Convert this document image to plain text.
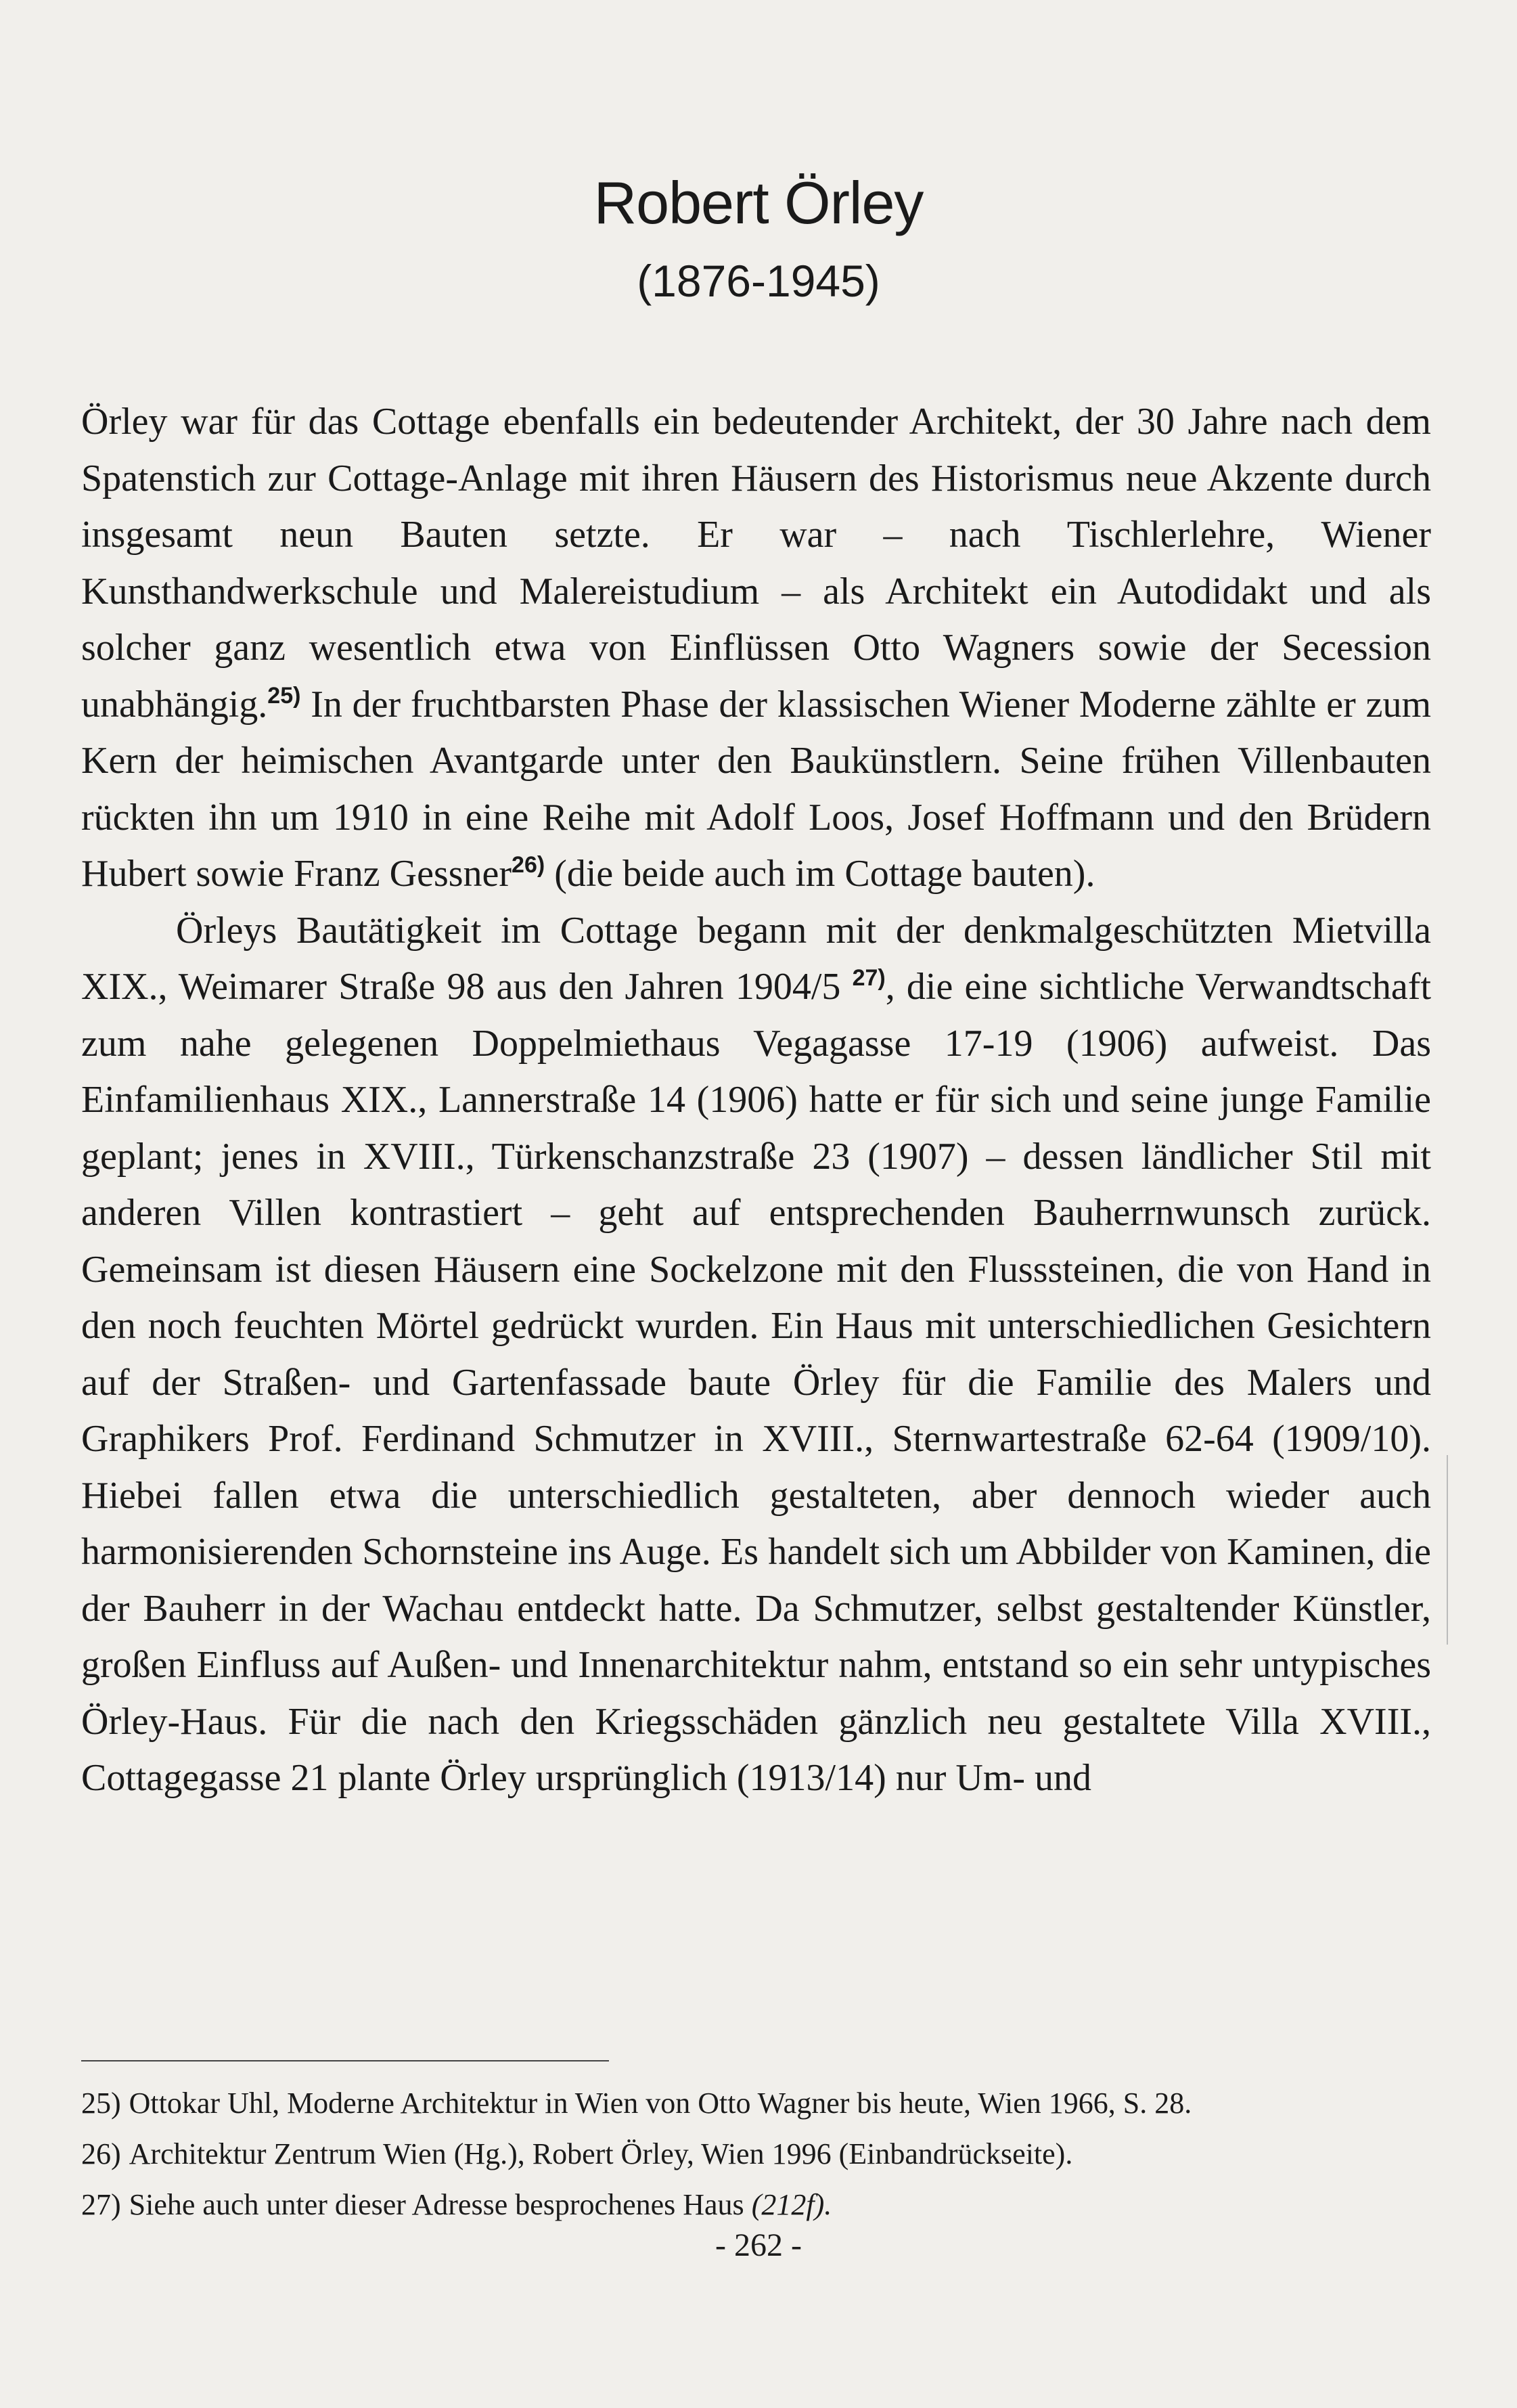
Robert Örley
(1876-1945)

Örley war für das Cottage ebenfalls ein bedeutender Architekt, der 30 Jahre nach dem Spatenstich zur Cottage-Anlage mit ihren Häusern des Historismus neue Akzente durch insgesamt neun Bauten setzte. Er war – nach Tischlerlehre, Wiener Kunsthandwerkschule und Malereistudium – als Architekt ein Autodidakt und als solcher ganz wesentlich etwa von Einflüssen Otto Wagners sowie der Secession unabhängig.$^{25)}$ In der fruchtbarsten Phase der klassischen Wiener Moderne zählte er zum Kern der heimischen Avantgarde unter den Baukünstlern. Seine frühen Villenbauten rückten ihn um 1910 in eine Reihe mit Adolf Loos, Josef Hoffmann und den Brüdern Hubert sowie Franz Gessner$^{26)}$ (die beide auch im Cottage bauten).

Örleys Bautätigkeit im Cottage begann mit der denkmalgeschützten Mietvilla XIX., Weimarer Straße 98 aus den Jahren 1904/5 $^{27)}$, die eine sichtliche Verwandtschaft zum nahe gelegenen Doppelmiethaus Vegagasse 17-19 (1906) aufweist. Das Einfamilienhaus XIX., Lannerstraße 14 (1906) hatte er für sich und seine junge Familie geplant; jenes in XVIII., Türkenschanzstraße 23 (1907) – dessen ländlicher Stil mit anderen Villen kontrastiert – geht auf entsprechenden Bauherrnwunsch zurück. Gemeinsam ist diesen Häusern eine Sockelzone mit den Flusssteinen, die von Hand in den noch feuchten Mörtel gedrückt wurden. Ein Haus mit unterschiedlichen Gesichtern auf der Straßen- und Gartenfassade baute Örley für die Familie des Malers und Graphikers Prof. Ferdinand Schmutzer in XVIII., Sternwartestraße 62-64 (1909/10). Hiebei fallen etwa die unterschiedlich gestalteten, aber dennoch wieder auch harmonisierenden Schornsteine ins Auge. Es handelt sich um Abbilder von Kaminen, die der Bauherr in der Wachau entdeckt hatte. Da Schmutzer, selbst gestaltender Künstler, großen Einfluss auf Außen- und Innenarchitektur nahm, entstand so ein sehr untypisches Örley-Haus. Für die nach den Kriegsschäden gänzlich neu gestaltete Villa XVIII., Cottagegasse 21 plante Örley ursprünglich (1913/14) nur Um- und

25) Ottokar Uhl, Moderne Architektur in Wien von Otto Wagner bis heute, Wien 1966, S. 28.
26) Architektur Zentrum Wien (Hg.), Robert Örley, Wien 1996 (Einbandrückseite).
27) Siehe auch unter dieser Adresse besprochenes Haus (212f).
- 262 -
